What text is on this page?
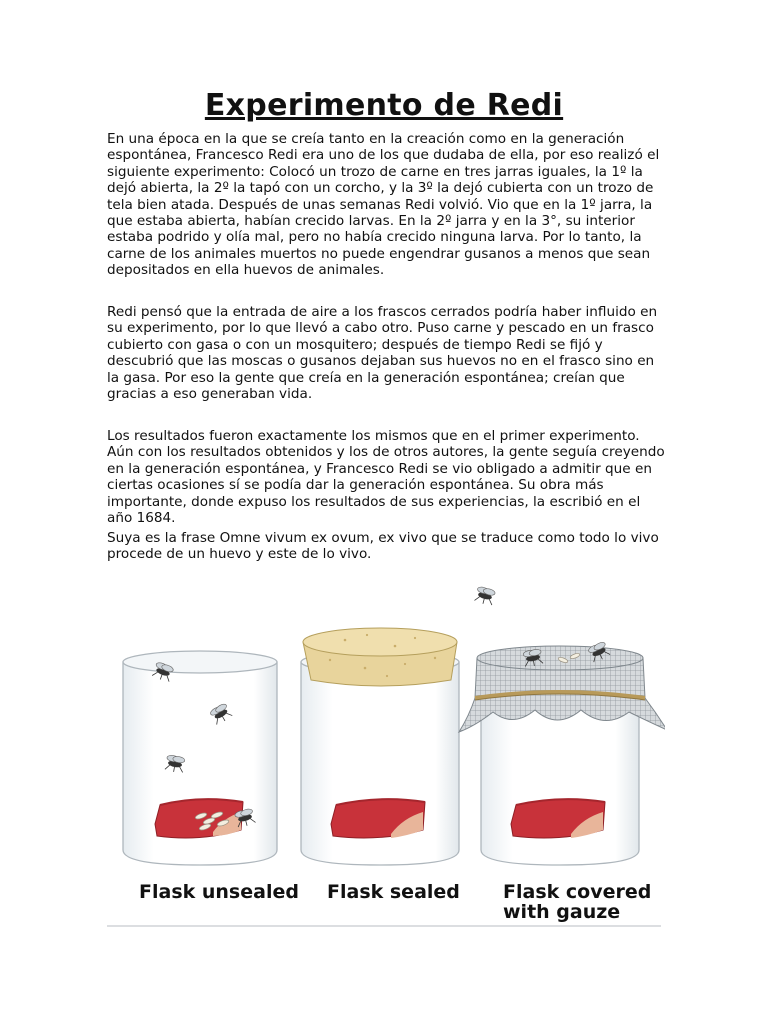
Experimento de Redi

En una época en la que se creía tanto en la creación como en la generación espontánea, Francesco Redi era uno de los que dudaba de ella, por eso realizó el siguiente experimento: Colocó un trozo de carne en tres jarras iguales, la 1º la dejó abierta, la 2º la tapó con un corcho, y la 3º la dejó cubierta con un trozo de tela bien atada. Después de unas semanas Redi volvió. Vio que en la 1º jarra, la que estaba abierta, habían crecido larvas. En la 2º jarra y en la 3°, su interior estaba podrido y olía mal, pero no había crecido ninguna larva. Por lo tanto, la carne de los animales muertos no puede engendrar gusanos a menos que sean depositados en ella huevos de animales.

Redi pensó que la entrada de aire a los frascos cerrados podría haber influido en su experimento, por lo que llevó a cabo otro. Puso carne y pescado en un frasco cubierto con gasa o con un mosquitero; después de tiempo Redi se fijó y descubrió que las moscas o gusanos dejaban sus huevos no en el frasco sino en la gasa. Por eso la gente que creía en la generación espontánea; creían que gracias a eso generaban vida.

Los resultados fueron exactamente los mismos que en el primer experimento. Aún con los resultados obtenidos y los de otros autores, la gente seguía creyendo en la generación espontánea, y Francesco Redi se vio obligado a admitir que en ciertas ocasiones sí se podía dar la generación espontánea. Su obra más importante, donde expuso los resultados de sus experiencias, la escribió en el año 1684.

Suya es la frase Omne vivum ex ovum, ex vivo que se traduce como todo lo vivo procede de un huevo y este de lo vivo.

Flask unsealed Flask sealed Flask covered
with gauze
